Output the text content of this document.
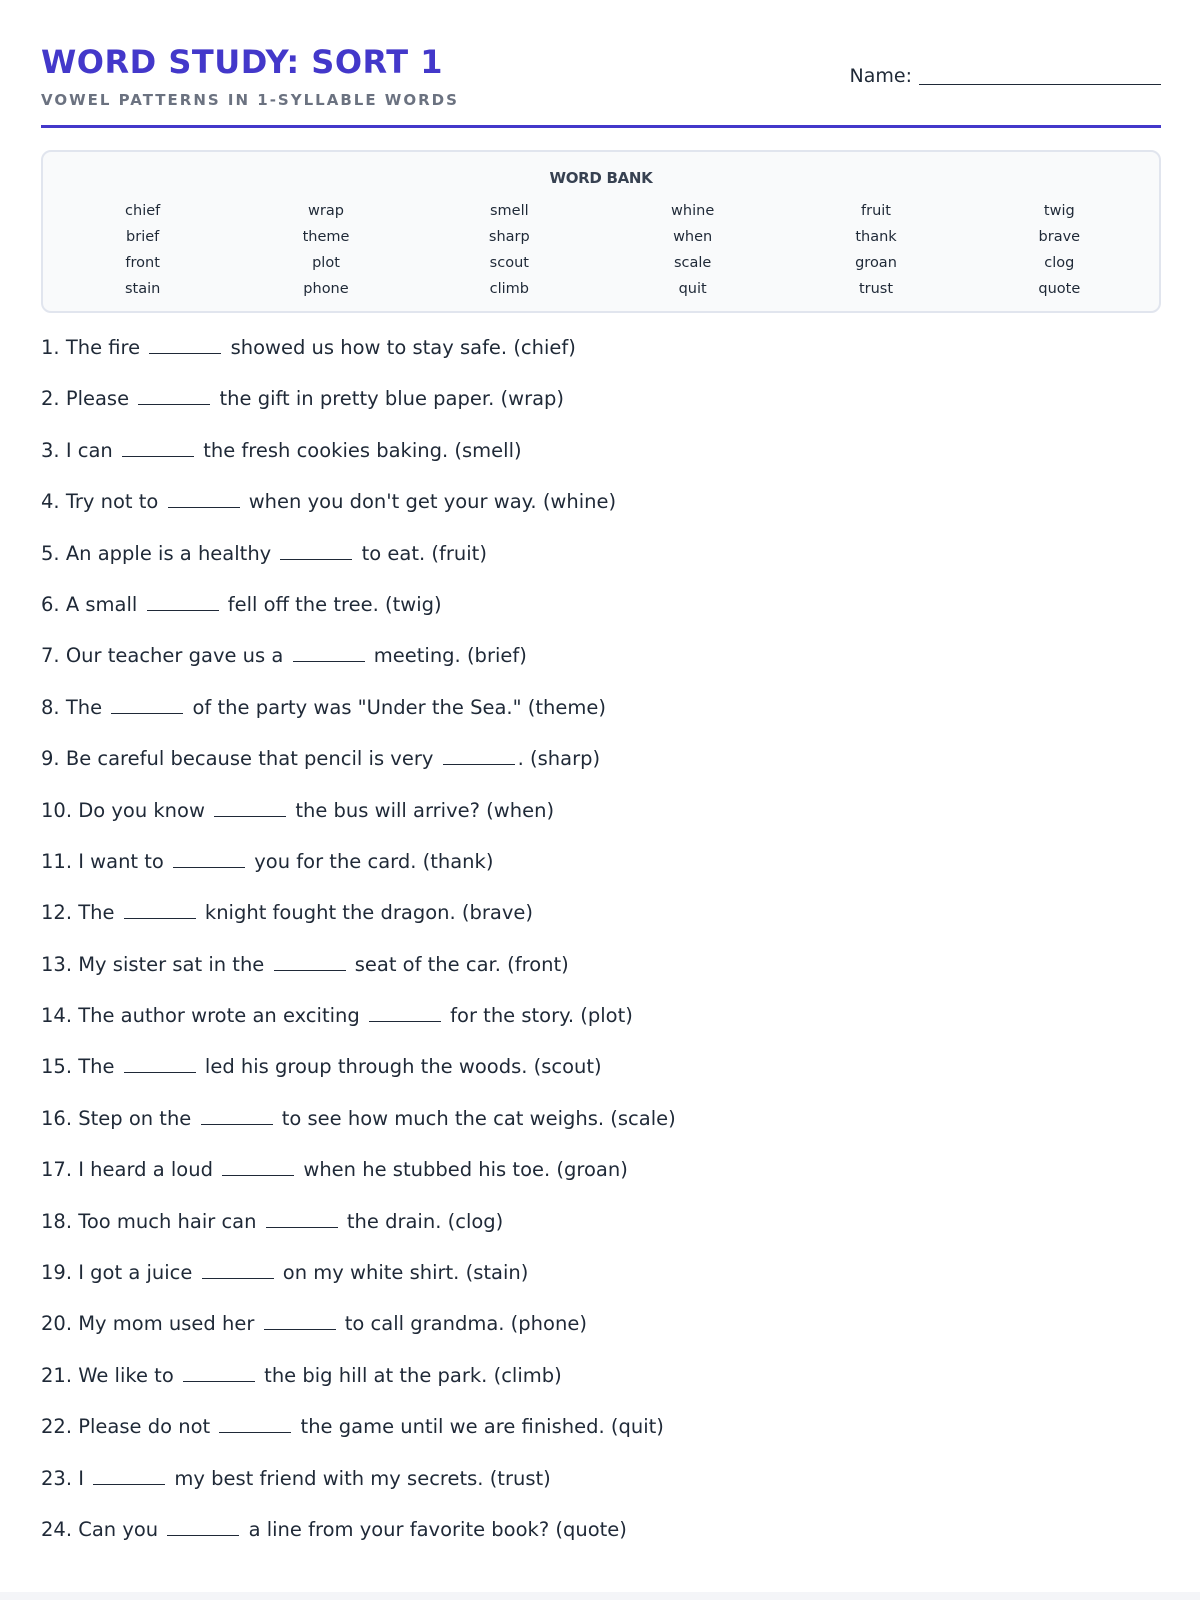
WORD STUDY: SORT 1
VOWEL PATTERNS IN 1-SYLLABLE WORDS
Name:
WORD BANK
chief	wrap	smell	whine	fruit	twig
brief	theme	sharp	when	thank	brave
front	plot	scout	scale	groan	clog
stain	phone	climb	quit	trust	quote
1. The fire	showed us how to stay safe. (chief)
2. Please	the gift in pretty blue paper. (wrap)
3. I can	the fresh cookies baking. (smell)
4. Try not to	when you don't get your way. (whine)
5. An apple is a healthy	to eat. (fruit)
6. A small	fell off the tree. (twig)
7. Our teacher gave us a	meeting. (brief)
8. The	of the party was "Under the Sea." (theme)
9. Be careful because that pencil is very	. (sharp)
10. Do you know	the bus will arrive? (when)
11. I want to	you for the card. (thank)
12. The	knight fought the dragon. (brave)
13. My sister sat in the	seat of the car. (front)
14. The author wrote an exciting	for the story. (plot)
15. The	led his group through the woods. (scout)
16. Step on the	to see how much the cat weighs. (scale)
17. I heard a loud	when he stubbed his toe. (groan)
18. Too much hair can	the drain. (clog)
19. I got a juice	on my white shirt. (stain)
20. My mom used her	to call grandma. (phone)
21. We like to	the big hill at the park. (climb)
22. Please do not	the game until we are finished. (quit)
23. I	my best friend with my secrets. (trust)
24. Can you	a line from your favorite book? (quote)
